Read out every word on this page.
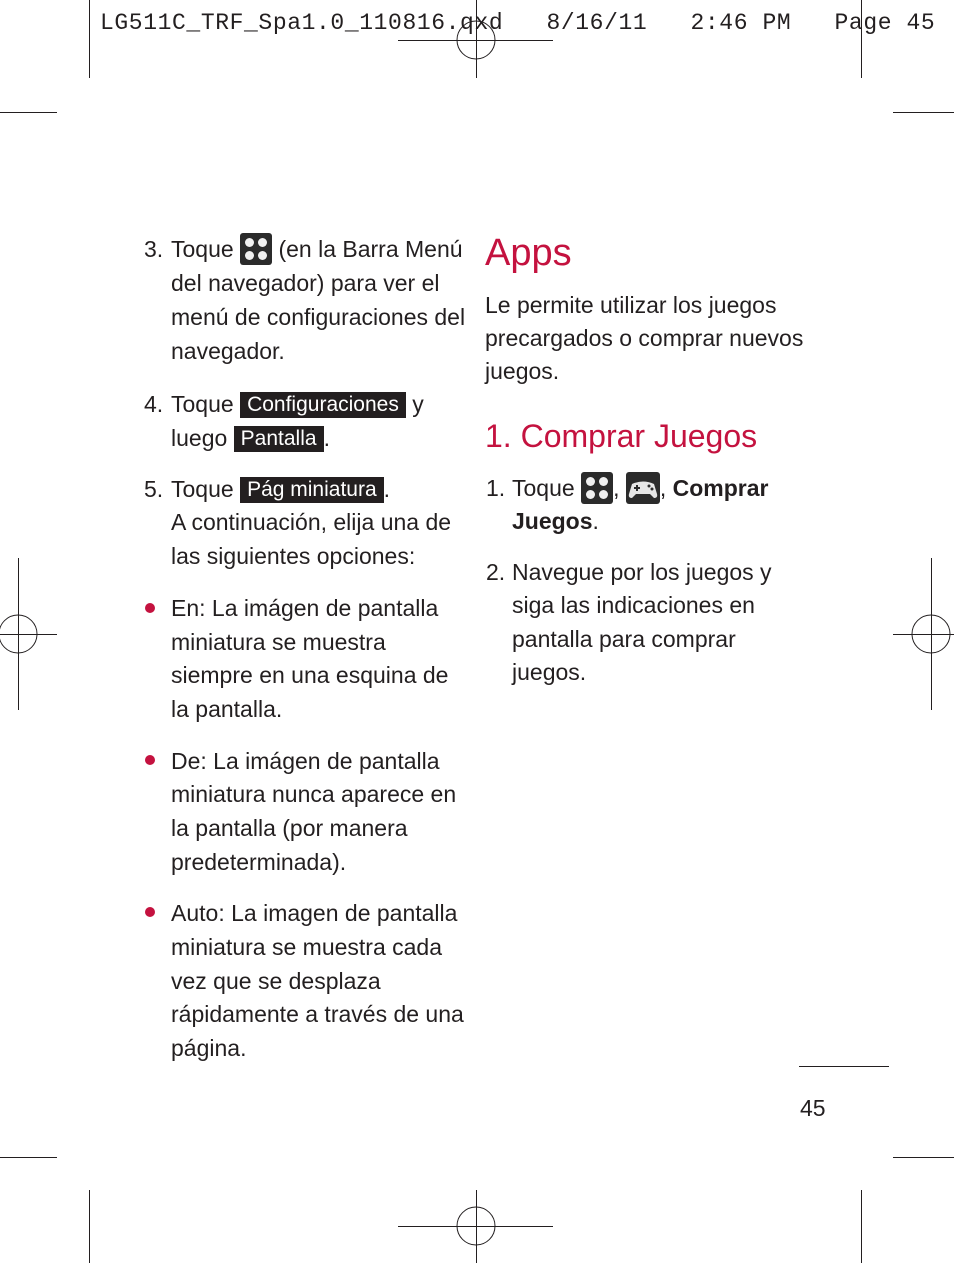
LG511C_TRF_Spa1.0_110816.qxd   8/16/11   2:46 PM   Page 45
3. Toque (en la Barra Menú
del navegador) para ver el
menú de configuraciones del
navegador.
4. Toque Configuraciones y
luego Pantalla .
5. Toque Pág miniatura .
A continuación, elija una de
las siguientes opciones:
En: La imágen de pantalla
miniatura se muestra
siempre en una esquina de
la pantalla.
De: La imágen de pantalla
miniatura nunca aparece en
la pantalla (por manera
predeterminada).
Auto: La imagen de pantalla
miniatura se muestra cada
vez que se desplaza
rápidamente a través de una
página.
Apps
Le permite utilizar los juegos
precargados o comprar nuevos
juegos.
1. Comprar Juegos
1. Toque , , Comprar
Juegos.
2. Navegue por los juegos y
siga las indicaciones en
pantalla para comprar
juegos.
45
